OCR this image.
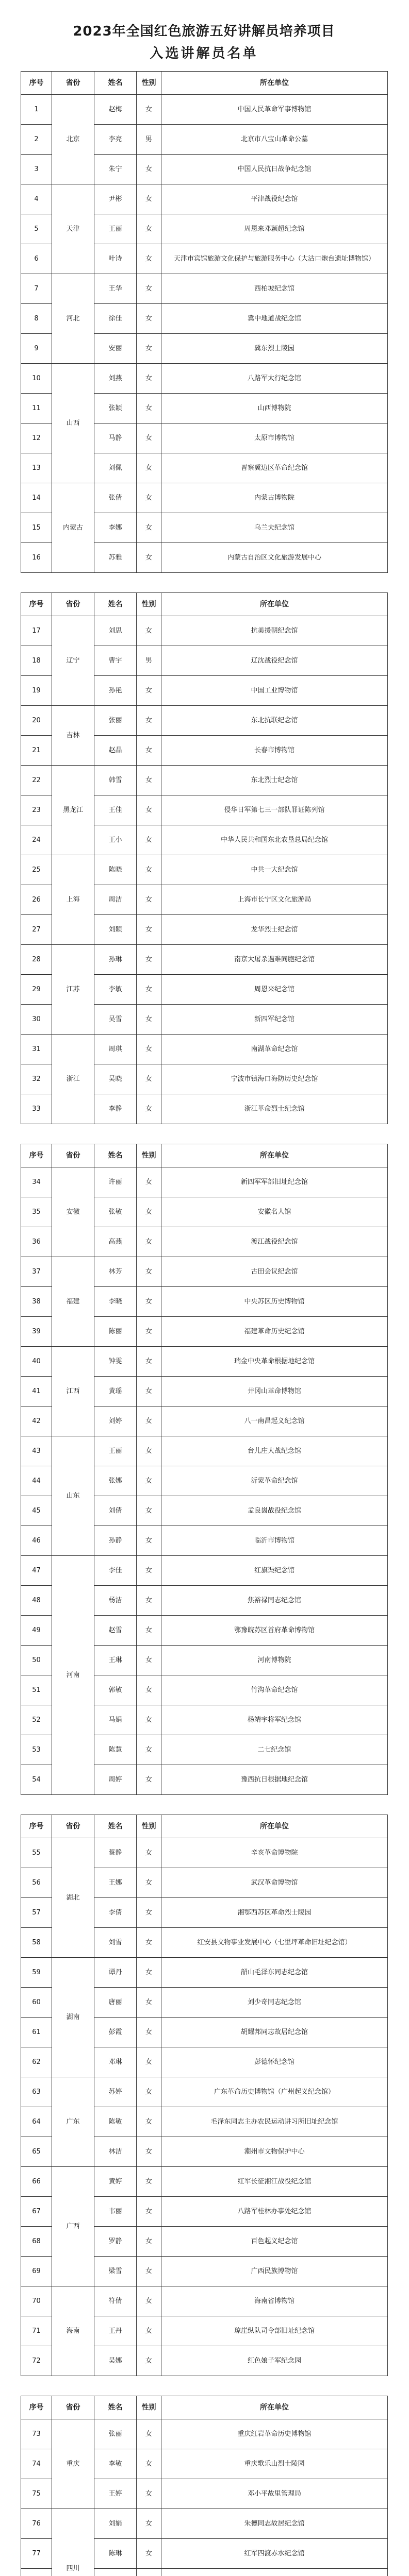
2023年全国红色旅游五好讲解员培养项目
入选讲解员名单
序号	省份	姓名	性别	所在单位
1	北京	赵梅	女	中国人民革命军事博物馆
2		李亮	男	北京市八宝山革命公墓
3		朱宁	女	中国人民抗日战争纪念馆
4	天津	尹彬	女	平津战役纪念馆
5		王丽	女	周恩来邓颖超纪念馆
6		叶诗	女	天津市宾馆旅游文化保护与旅游服务中心（大沽口炮台遗址博物馆）
7	河北	王华	女	西柏坡纪念馆
8		徐佳	女	冀中地道战纪念馆
9		安丽	女	冀东烈士陵园
10	山西	刘燕	女	八路军太行纪念馆
11		张颖	女	山西博物院
12		马静	女	太原市博物馆
13		刘佩	女	晋察冀边区革命纪念馆
14	内蒙古	张倩	女	内蒙古博物院
15		李娜	女	乌兰夫纪念馆
16		苏雅	女	内蒙古自治区文化旅游发展中心
序号	省份	姓名	性别	所在单位
17	辽宁	刘思	女	抗美援朝纪念馆
18		曹宇	男	辽沈战役纪念馆
19		孙艳	女	中国工业博物馆
20	吉林	张丽	女	东北抗联纪念馆
21		赵晶	女	长春市博物馆
22	黑龙江	韩雪	女	东北烈士纪念馆
23		王佳	女	侵华日军第七三一部队罪证陈列馆
24		王小	女	中华人民共和国东北农垦总局纪念馆
25	上海	陈晓	女	中共一大纪念馆
26		周洁	女	上海市长宁区文化旅游局
27		刘颖	女	龙华烈士纪念馆
28	江苏	孙琳	女	南京大屠杀遇难同胞纪念馆
29		李敏	女	周恩来纪念馆
30		吴雪	女	新四军纪念馆
31	浙江	周琪	女	南湖革命纪念馆
32		吴晓	女	宁波市镇海口海防历史纪念馆
33		李静	女	浙江革命烈士纪念馆
序号	省份	姓名	性别	所在单位
34	安徽	许丽	女	新四军军部旧址纪念馆
35		张敏	女	安徽名人馆
36		高燕	女	渡江战役纪念馆
37	福建	林芳	女	古田会议纪念馆
38		李晓	女	中央苏区历史博物馆
39		陈丽	女	福建革命历史纪念馆
40	江西	钟雯	女	瑞金中央革命根据地纪念馆
41		黄瑶	女	井冈山革命博物馆
42		刘婷	女	八一南昌起义纪念馆
43	山东	王丽	女	台儿庄大战纪念馆
44		张娜	女	沂蒙革命纪念馆
45		刘倩	女	孟良崮战役纪念馆
46		孙静	女	临沂市博物馆
47	河南	李佳	女	红旗渠纪念馆
48		杨洁	女	焦裕禄同志纪念馆
49		赵雪	女	鄂豫皖苏区首府革命博物馆
50		王琳	女	河南博物院
51		郭敏	女	竹沟革命纪念馆
52		马娟	女	杨靖宇将军纪念馆
53		陈慧	女	二七纪念馆
54		周婷	女	豫西抗日根据地纪念馆
序号	省份	姓名	性别	所在单位
55	湖北	蔡静	女	辛亥革命博物院
56		王娜	女	武汉革命博物馆
57		李倩	女	湘鄂西苏区革命烈士陵园
58		刘雪	女	红安县文物事业发展中心（七里坪革命旧址纪念馆）
59	湖南	谭丹	女	韶山毛泽东同志纪念馆
60		唐丽	女	刘少奇同志纪念馆
61		彭霞	女	胡耀邦同志故居纪念馆
62		邓琳	女	彭德怀纪念馆
63	广东	苏婷	女	广东革命历史博物馆（广州起义纪念馆）
64		陈敏	女	毛泽东同志主办农民运动讲习所旧址纪念馆
65		林洁	女	潮州市文物保护中心
66	广西	黄婷	女	红军长征湘江战役纪念馆
67		韦丽	女	八路军桂林办事处纪念馆
68		罗静	女	百色起义纪念馆
69		梁雪	女	广西民族博物馆
70	海南	符倩	女	海南省博物馆
71		王丹	女	琼崖纵队司令部旧址纪念馆
72		吴娜	女	红色娘子军纪念园
序号	省份	姓名	性别	所在单位
73	重庆	张丽	女	重庆红岩革命历史博物馆
74		李敏	女	重庆歌乐山烈士陵园
75		王婷	女	邓小平故里管理局
76	四川	刘娟	女	朱德同志故居纪念馆
77		陈琳	女	红军四渡赤水纪念馆
